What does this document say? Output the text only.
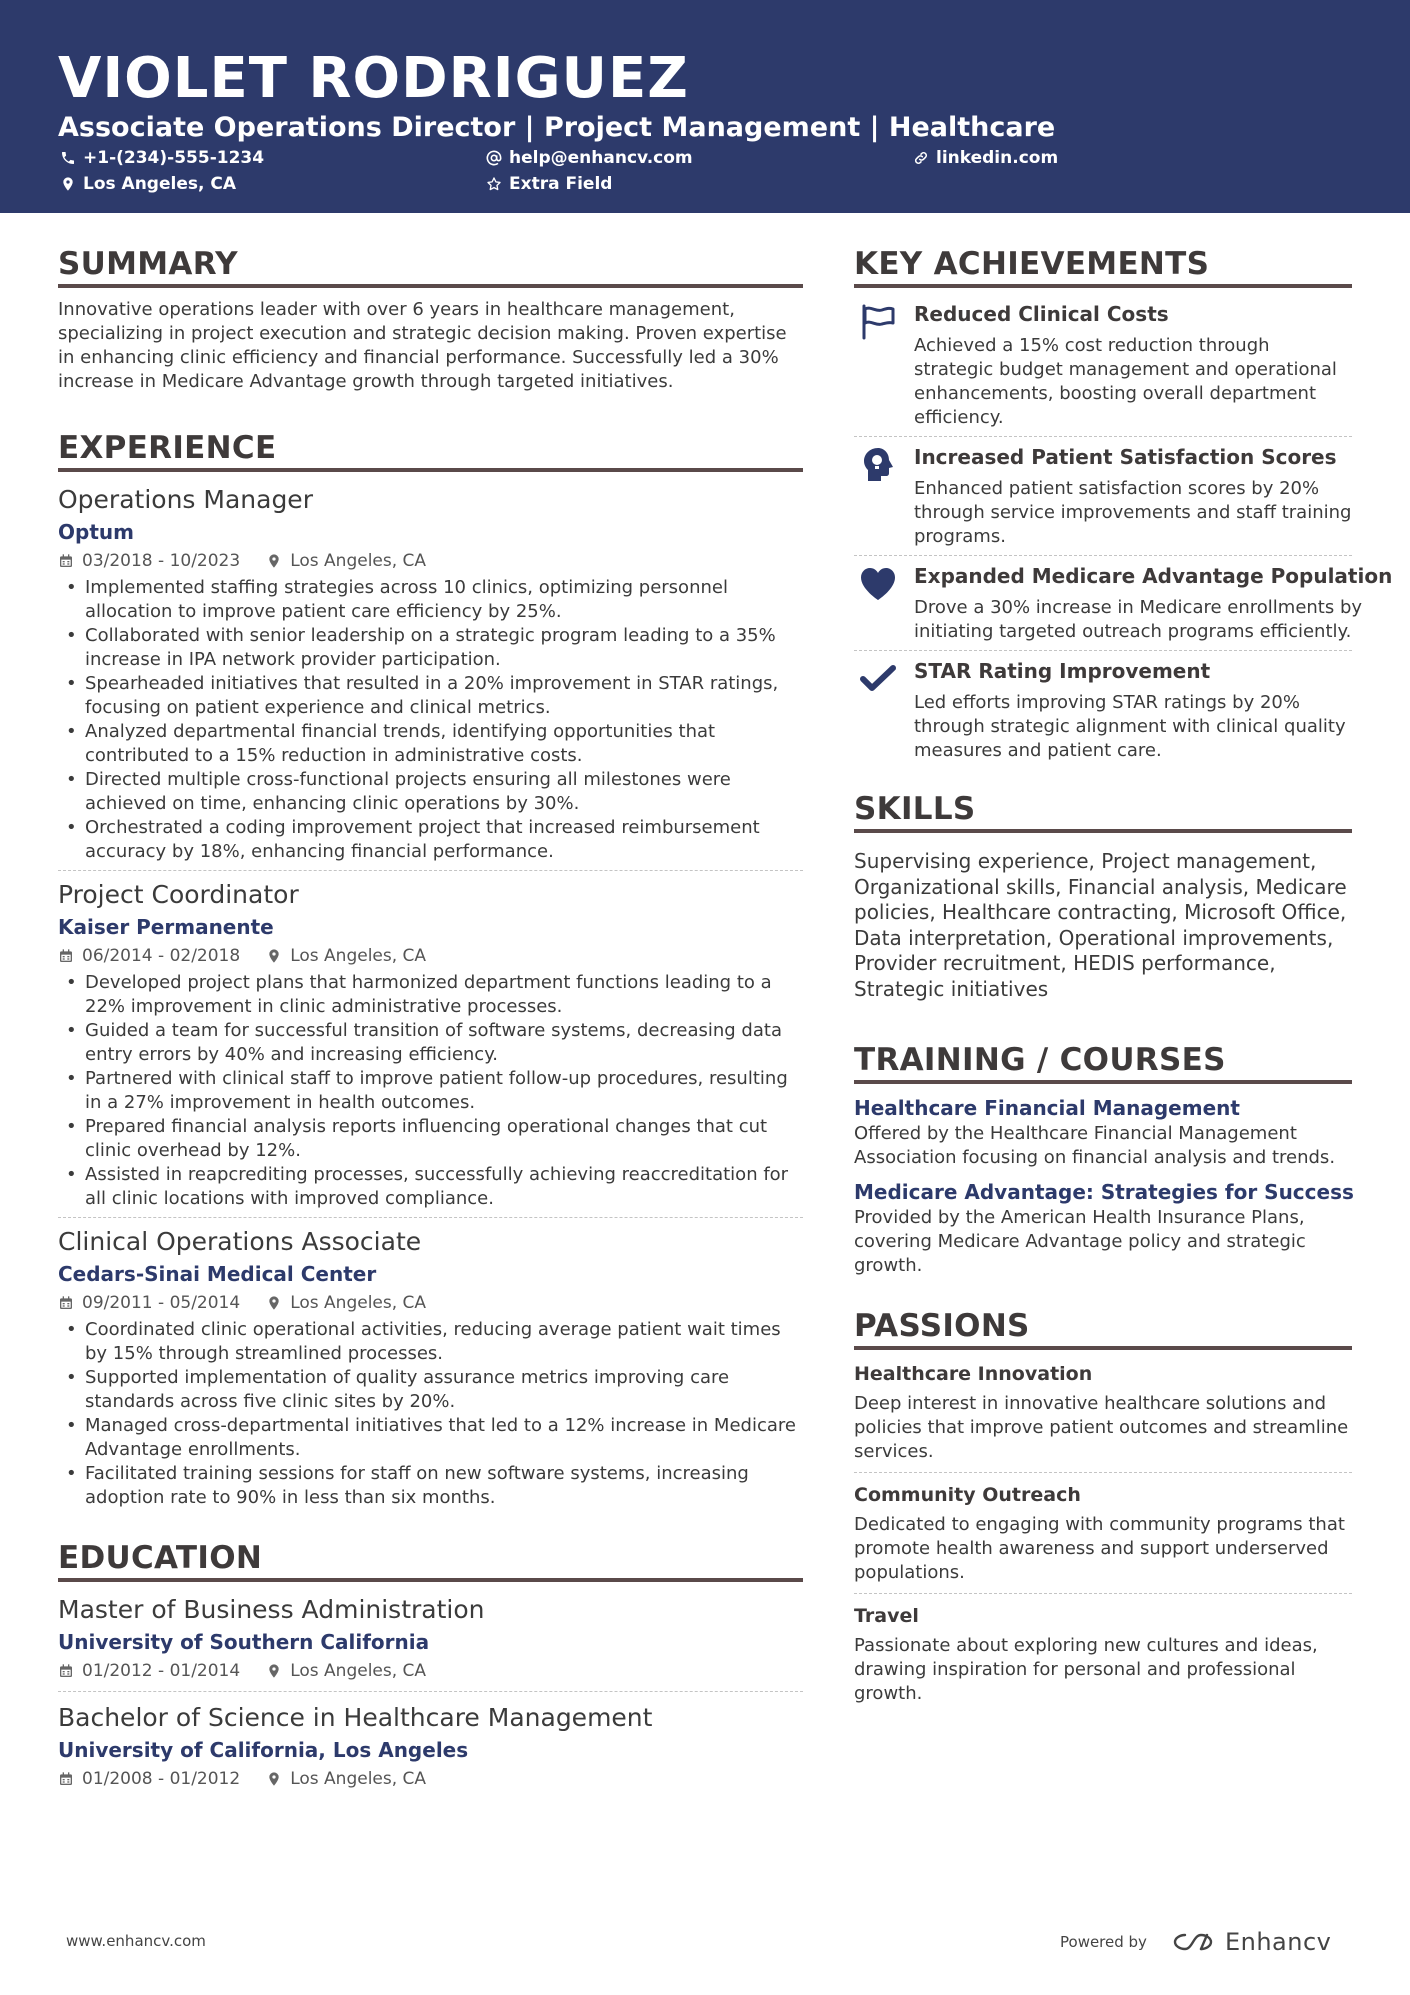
VIOLET RODRIGUEZ
Associate Operations Director | Project Management | Healthcare
+1-(234)-555-1234	help@enhancv.com	linkedin.com
Los Angeles, CA	Extra Field
SUMMARY
Innovative operations leader with over 6 years in healthcare management, specializing in project execution and strategic decision making. Proven expertise in enhancing clinic efficiency and financial performance. Successfully led a 30% increase in Medicare Advantage growth through targeted initiatives.
EXPERIENCE
Operations Manager
Optum
03/2018 - 10/2023	Los Angeles, CA
• Implemented staffing strategies across 10 clinics, optimizing personnel allocation to improve patient care efficiency by 25%.
• Collaborated with senior leadership on a strategic program leading to a 35% increase in IPA network provider participation.
• Spearheaded initiatives that resulted in a 20% improvement in STAR ratings, focusing on patient experience and clinical metrics.
• Analyzed departmental financial trends, identifying opportunities that contributed to a 15% reduction in administrative costs.
• Directed multiple cross-functional projects ensuring all milestones were achieved on time, enhancing clinic operations by 30%.
• Orchestrated a coding improvement project that increased reimbursement accuracy by 18%, enhancing financial performance.
Project Coordinator
Kaiser Permanente
06/2014 - 02/2018	Los Angeles, CA
• Developed project plans that harmonized department functions leading to a 22% improvement in clinic administrative processes.
• Guided a team for successful transition of software systems, decreasing data entry errors by 40% and increasing efficiency.
• Partnered with clinical staff to improve patient follow-up procedures, resulting in a 27% improvement in health outcomes.
• Prepared financial analysis reports influencing operational changes that cut clinic overhead by 12%.
• Assisted in reapcrediting processes, successfully achieving reaccreditation for all clinic locations with improved compliance.
Clinical Operations Associate
Cedars-Sinai Medical Center
09/2011 - 05/2014	Los Angeles, CA
• Coordinated clinic operational activities, reducing average patient wait times by 15% through streamlined processes.
• Supported implementation of quality assurance metrics improving care standards across five clinic sites by 20%.
• Managed cross-departmental initiatives that led to a 12% increase in Medicare Advantage enrollments.
• Facilitated training sessions for staff on new software systems, increasing adoption rate to 90% in less than six months.
EDUCATION
Master of Business Administration
University of Southern California
01/2012 - 01/2014	Los Angeles, CA
Bachelor of Science in Healthcare Management
University of California, Los Angeles
01/2008 - 01/2012	Los Angeles, CA
KEY ACHIEVEMENTS
Reduced Clinical Costs
Achieved a 15% cost reduction through strategic budget management and operational enhancements, boosting overall department efficiency.
Increased Patient Satisfaction Scores
Enhanced patient satisfaction scores by 20% through service improvements and staff training programs.
Expanded Medicare Advantage Population
Drove a 30% increase in Medicare enrollments by initiating targeted outreach programs efficiently.
STAR Rating Improvement
Led efforts improving STAR ratings by 20% through strategic alignment with clinical quality measures and patient care.
SKILLS
Supervising experience, Project management, Organizational skills, Financial analysis, Medicare policies, Healthcare contracting, Microsoft Office, Data interpretation, Operational improvements, Provider recruitment, HEDIS performance, Strategic initiatives
TRAINING / COURSES
Healthcare Financial Management
Offered by the Healthcare Financial Management Association focusing on financial analysis and trends.
Medicare Advantage: Strategies for Success
Provided by the American Health Insurance Plans, covering Medicare Advantage policy and strategic growth.
PASSIONS
Healthcare Innovation
Deep interest in innovative healthcare solutions and policies that improve patient outcomes and streamline services.
Community Outreach
Dedicated to engaging with community programs that promote health awareness and support underserved populations.
Travel
Passionate about exploring new cultures and ideas, drawing inspiration for personal and professional growth.
www.enhancv.com	Powered by	Enhancv
